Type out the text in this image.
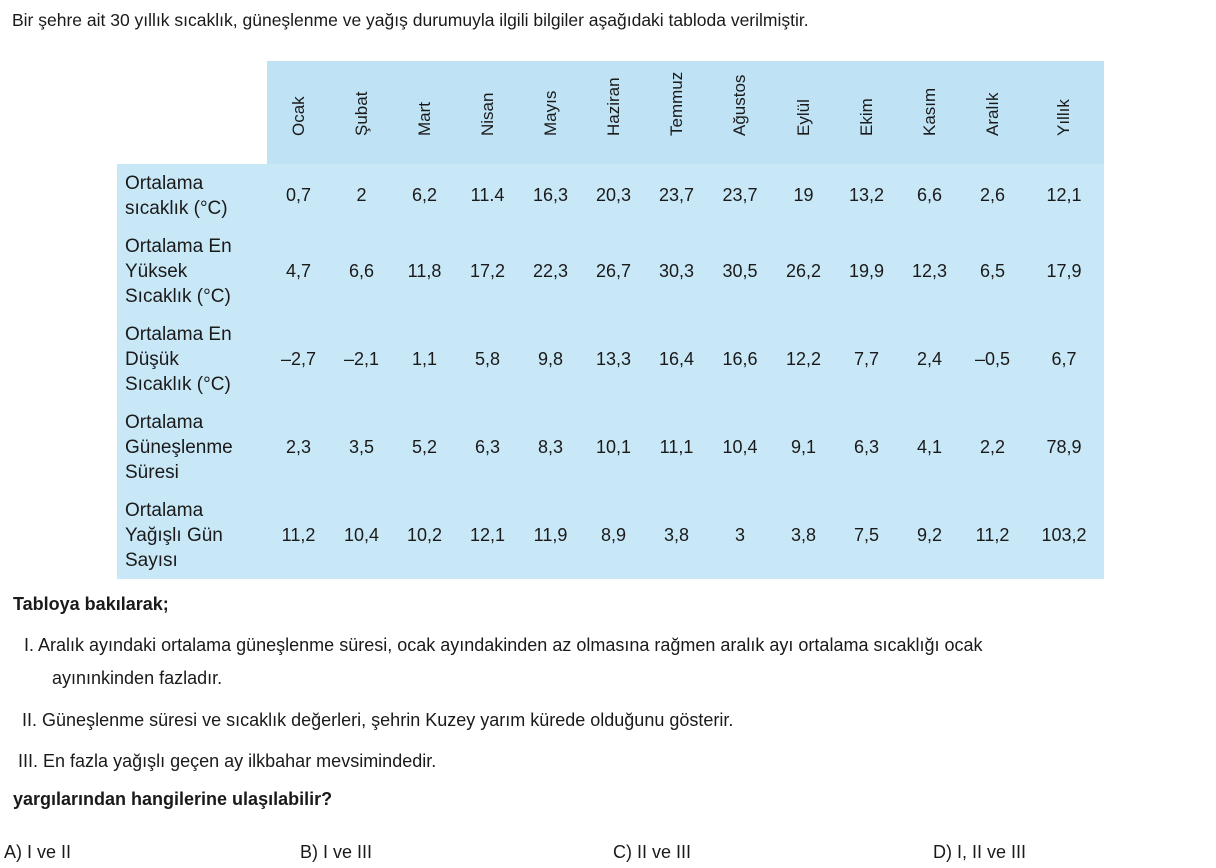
Bir şehre ait 30 yıllık sıcaklık, güneşlenme ve yağış durumuyla ilgili bilgiler aşağıdaki tabloda verilmiştir.

	Ocak	Şubat	Mart	Nisan	Mayıs	Haziran	Temmuz	Ağustos	Eylül	Ekim	Kasım	Aralık	Yıllık

Ortalama
sıcaklık (°C)	0,7	2	6,2	11.4	16,3	20,3	23,7	23,7	19	13,2	6,6	2,6	12,1

Ortalama En
Yüksek
Sıcaklık (°C)	4,7	6,6	11,8	17,2	22,3	26,7	30,3	30,5	26,2	19,9	12,3	6,5	17,9

Ortalama En
Düşük
Sıcaklık (°C)	–2,7	–2,1	1,1	5,8	9,8	13,3	16,4	16,6	12,2	7,7	2,4	–0,5	6,7

Ortalama
Güneşlenme
Süresi	2,3	3,5	5,2	6,3	8,3	10,1	11,1	10,4	9,1	6,3	4,1	2,2	78,9

Ortalama
Yağışlı Gün
Sayısı	11,2	10,4	10,2	12,1	11,9	8,9	3,8	3	3,8	7,5	9,2	11,2	103,2

Tabloya bakılarak;

I. Aralık ayındaki ortalama güneşlenme süresi, ocak ayındakinden az olmasına rağmen aralık ayı ortalama sıcaklığı ocak
ayınınkinden fazladır.

II. Güneşlenme süresi ve sıcaklık değerleri, şehrin Kuzey yarım kürede olduğunu gösterir.

III. En fazla yağışlı geçen ay ilkbahar mevsimindedir.

yargılarından hangilerine ulaşılabilir?

A) I ve II	B) I ve III	C) II ve III	D) I, II ve III
